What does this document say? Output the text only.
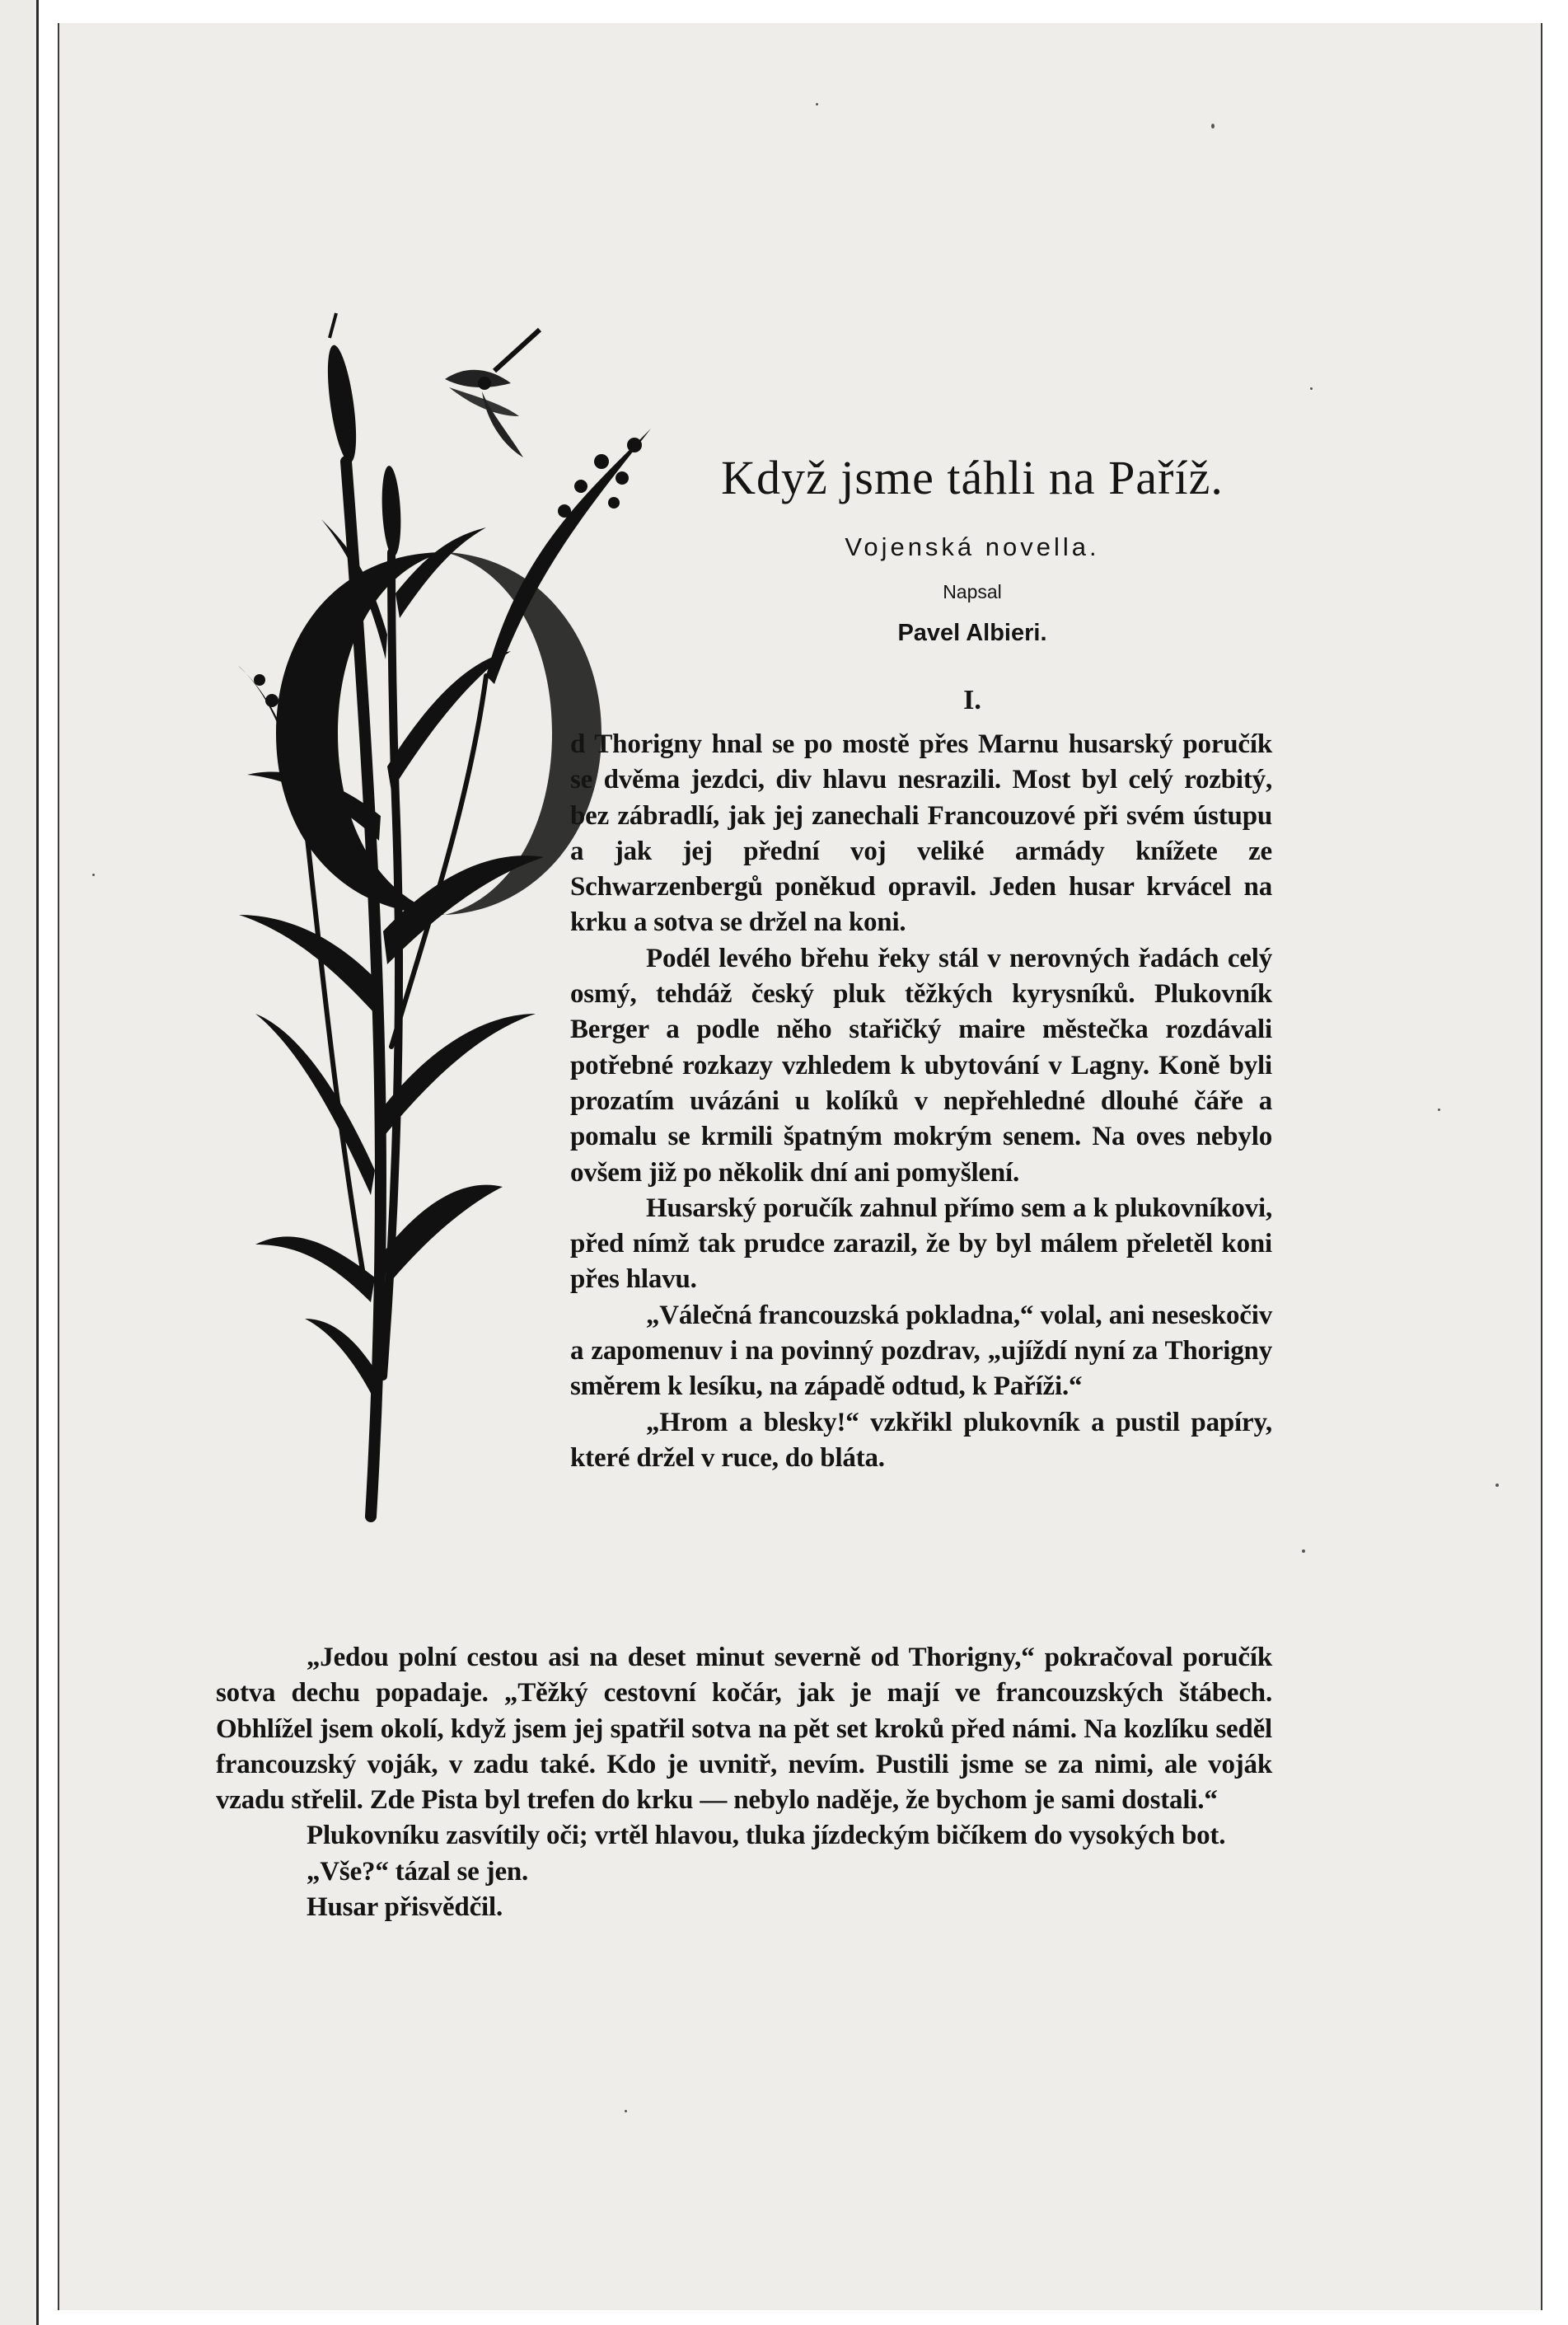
Když jsme táhli na Paříž.
Vojenská novella.
Napsal
Pavel Albieri.
I.

d Thorigny hnal se po mostě přes Marnu husarský poručík se dvěma jezdci, div hlavu nesrazili. Most byl celý rozbitý, bez zábradlí, jak jej zanechali Francouzové při svém ústupu a jak jej přední voj veliké armády knížete ze Schwarzenbergů poněkud opravil. Jeden husar krvácel na krku a sotva se držel na koni.

Podél levého břehu řeky stál v nerovných řadách celý osmý, tehdáž český pluk těžkých kyrysníků. Plukovník Berger a podle něho stařičký maire městečka rozdávali potřebné rozkazy vzhledem k ubytování v Lagny. Koně byli prozatím uvázáni u kolíků v nepřehledné dlouhé čáře a pomalu se krmili špatným mokrým senem. Na oves nebylo ovšem již po několik dní ani pomyšlení.

Husarský poručík zahnul přímo sem a k plukovníkovi, před nímž tak prudce zarazil, že by byl málem přeletěl koni přes hlavu.

„Válečná francouzská pokladna,“ volal, ani neseskočiv a zapomenuv i na povinný pozdrav, „ujíždí nyní za Thorigny směrem k lesíku, na západě odtud, k Paříži.“

„Hrom a blesky!“ vzkřikl plukovník a pustil papíry, které držel v ruce, do bláta.

„Jedou polní cestou asi na deset minut severně od Thorigny,“ pokračoval poručík sotva dechu popadaje. „Těžký cestovní kočár, jak je mají ve francouzských štábech. Obhlížel jsem okolí, když jsem jej spatřil sotva na pět set kroků před námi. Na kozlíku seděl francouzský voják, v zadu také. Kdo je uvnitř, nevím. Pustili jsme se za nimi, ale voják vzadu střelil. Zde Pista byl trefen do krku — nebylo naděje, že bychom je sami dostali.“

Plukovníku zasvítily oči; vrtěl hlavou, tluka jízdeckým bičíkem do vysokých bot.

„Vše?“ tázal se jen.

Husar přisvědčil.
